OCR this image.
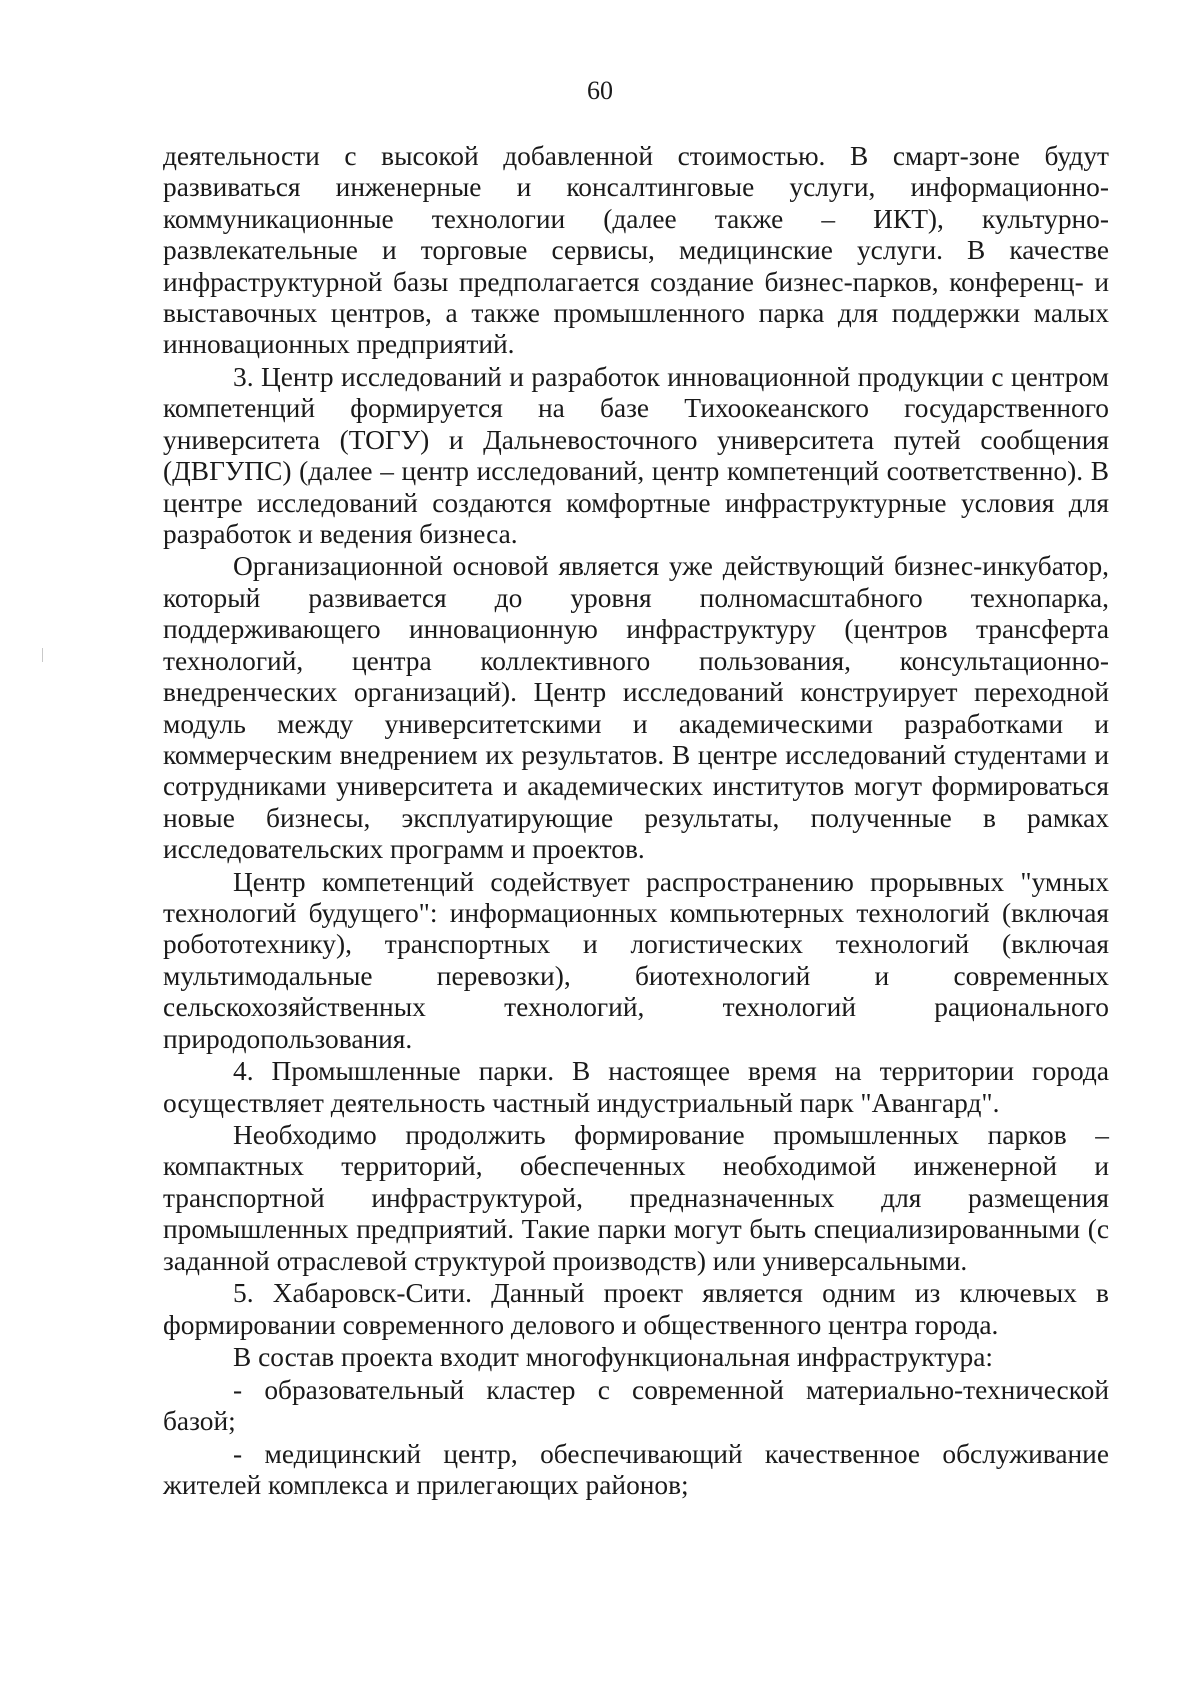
60

деятельности с высокой добавленной стоимостью. В смарт-зоне будут развиваться инженерные и консалтинговые услуги, информационно-коммуникационные технологии (далее также – ИКТ), культурно-развлекательные и торговые сервисы, медицинские услуги. В качестве инфраструктурной базы предполагается создание бизнес-парков, конференц- и выставочных центров, а также промышленного парка для поддержки малых инновационных предприятий.

3. Центр исследований и разработок инновационной продукции с центром компетенций формируется на базе Тихоокеанского государственного университета (ТОГУ) и Дальневосточного университета путей сообщения (ДВГУПС) (далее – центр исследований, центр компетенций соответственно). В центре исследований создаются комфортные инфраструктурные условия для разработок и ведения бизнеса.

Организационной основой является уже действующий бизнес-инкубатор, который развивается до уровня полномасштабного технопарка, поддерживающего инновационную инфраструктуру (центров трансферта технологий, центра коллективного пользования, консультационно-внедренческих организаций). Центр исследований конструирует переходной модуль между университетскими и академическими разработками и коммерческим внедрением их результатов. В центре исследований студентами и сотрудниками университета и академических институтов могут формироваться новые бизнесы, эксплуатирующие результаты, полученные в рамках исследовательских программ и проектов.

Центр компетенций содействует распространению прорывных "умных технологий будущего": информационных компьютерных технологий (включая робототехнику), транспортных и логистических технологий (включая мультимодальные перевозки), биотехнологий и современных сельскохозяйственных технологий, технологий рационального природопользования.

4. Промышленные парки. В настоящее время на территории города осуществляет деятельность частный индустриальный парк "Авангард".

Необходимо продолжить формирование промышленных парков – компактных территорий, обеспеченных необходимой инженерной и транспортной инфраструктурой, предназначенных для размещения промышленных предприятий. Такие парки могут быть специализированными (с заданной отраслевой структурой производств) или универсальными.

5. Хабаровск-Сити. Данный проект является одним из ключевых в формировании современного делового и общественного центра города.

В состав проекта входит многофункциональная инфраструктура:

- образовательный кластер с современной материально-технической базой;

- медицинский центр, обеспечивающий качественное обслуживание жителей комплекса и прилегающих районов;
